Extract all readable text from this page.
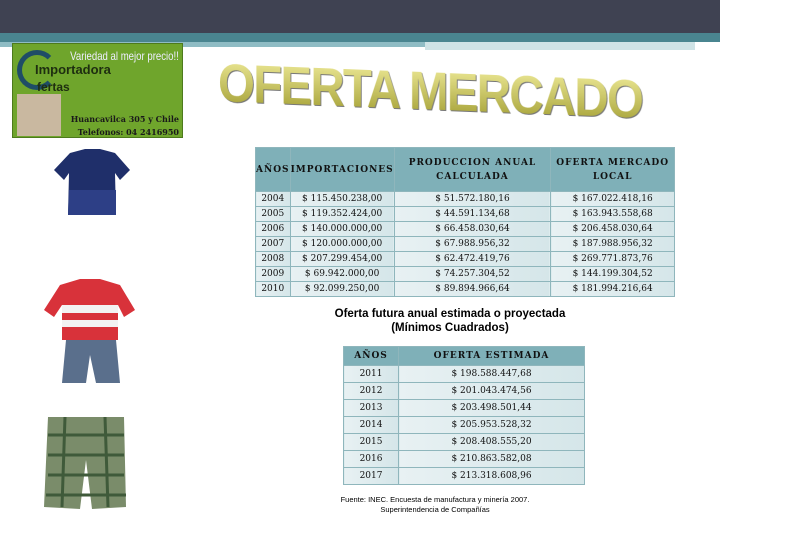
Variedad al mejor precio!!
Importadora
fertas
Huancavilca 305 y Chile
Telefonos: 04 2416950 OFERTA MERCADO LOCAL
AÑOS	IMPORTACIONES	PRODUCCION ANUAL CALCULADA	OFERTA MERCADO LOCAL
2004	$ 115.450.238,00	$ 51.572.180,16	$ 167.022.418,16
2005	$ 119.352.424,00	$ 44.591.134,68	$ 163.943.558,68
2006	$ 140.000.000,00	$ 66.458.030,64	$ 206.458.030,64
2007	$ 120.000.000,00	$ 67.988.956,32	$ 187.988.956,32
2008	$ 207.299.454,00	$ 62.472.419,76	$ 269.771.873,76
2009	$ 69.942.000,00	$ 74.257.304,52	$ 144.199.304,52
2010	$ 92.099.250,00	$ 89.894.966,64	$ 181.994.216,64
Oferta futura anual estimada o proyectada
(Mínimos Cuadrados)
AÑOS	OFERTA ESTIMADA
2011	$ 198.588.447,68
2012	$ 201.043.474,56
2013	$ 203.498.501,44
2014	$ 205.953.528,32
2015	$ 208.408.555,20
2016	$ 210.863.582,08
2017	$ 213.318.608,96
Fuente: INEC. Encuesta de manufactura y minería 2007.
Superintendencia de Compañías
